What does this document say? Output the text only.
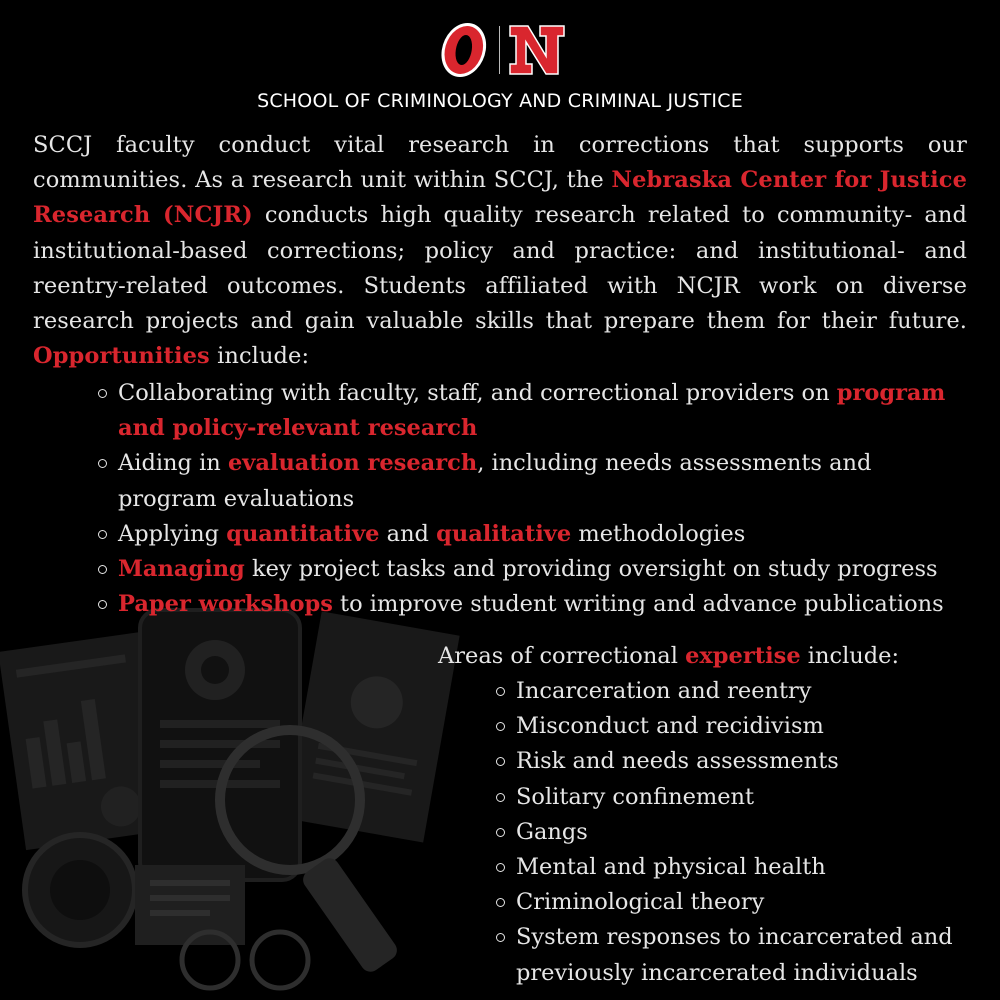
SCHOOL OF CRIMINOLOGY AND CRIMINAL JUSTICE
SCCJ faculty conduct vital research in corrections that supports our communities. As a research unit within SCCJ, the Nebraska Center for Justice Research (NCJR) conducts high quality research related to community- and institutional-based corrections; policy and practice: and institutional- and reentry-related outcomes. Students affiliated with NCJR work on diverse research projects and gain valuable skills that prepare them for their future. Opportunities include:
Collaborating with faculty, staff, and correctional providers on program and policy-relevant research
Aiding in evaluation research, including needs assessments and program evaluations
Applying quantitative and qualitative methodologies
Managing key project tasks and providing oversight on study progress
Paper workshops to improve student writing and advance publications
Areas of correctional expertise include:
Incarceration and reentry
Misconduct and recidivism
Risk and needs assessments
Solitary confinement
Gangs
Mental and physical health
Criminological theory
System responses to incarcerated and previously incarcerated individuals
